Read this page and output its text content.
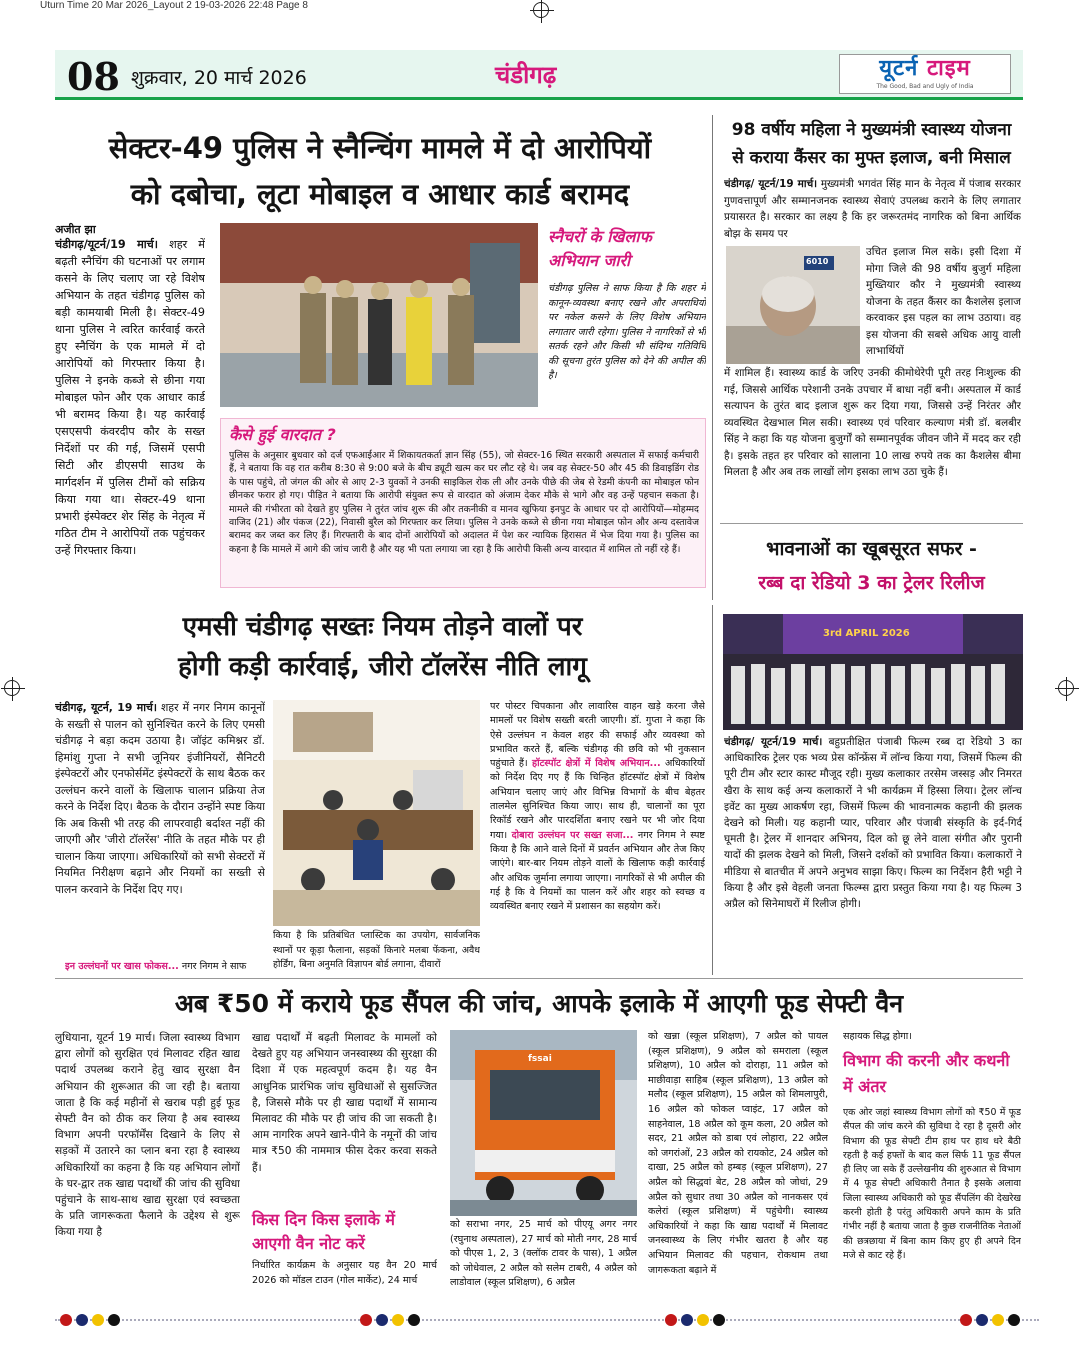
Uturn Time 20 Mar 2026_Layout 2 19-03-2026 22:48 Page 8
08 शुक्रवार, 20 मार्च 2026	चंडीगढ़	यूटर्न टाइम
The Good, Bad and Ugly of India
सेक्टर-49 पुलिस ने स्नैन्चिंग मामले में दो आरोपियों
को दबोचा, लूटा मोबाइल व आधार कार्ड बरामद
अजीत झा
चंडीगढ़/यूटर्न/19 मार्च। शहर में बढ़ती स्नैचिंग की घटनाओं पर लगाम कसने के लिए चलाए जा रहे विशेष अभियान के तहत चंडीगढ़ पुलिस को बड़ी कामयाबी मिली है। सेक्टर-49 थाना पुलिस ने त्वरित कार्रवाई करते हुए स्नैचिंग के एक मामले में दो आरोपियों को गिरफ्तार किया है। पुलिस ने इनके कब्जे से छीना गया मोबाइल फोन और एक आधार कार्ड भी बरामद किया है। यह कार्रवाई एसएसपी कंवरदीप कौर के सख्त निर्देशों पर की गई, जिसमें एसपी सिटी और डीएसपी साउथ के मार्गदर्शन में पुलिस टीमों को सक्रिय किया गया था। सेक्टर-49 थाना प्रभारी इंस्पेक्टर शेर सिंह के नेतृत्व में गठित टीम ने आरोपियों तक पहुंचकर उन्हें गिरफ्तार किया।
स्नैचरों के खिलाफ
अभियान जारी
चंडीगढ़ पुलिस ने साफ किया है कि शहर में कानून-व्यवस्था बनाए रखने और अपराधियों पर नकेल कसने के लिए विशेष अभियान लगातार जारी रहेगा। पुलिस ने नागरिकों से भी सतर्क रहने और किसी भी संदिग्ध गतिविधि की सूचना तुरंत पुलिस को देने की अपील की है।
कैसे हुई वारदात ?
पुलिस के अनुसार बुधवार को दर्ज एफआईआर में शिकायतकर्ता ज्ञान सिंह (55), जो सेक्टर-16 स्थित सरकारी अस्पताल में सफाई कर्मचारी हैं, ने बताया कि वह रात करीब 8:30 से 9:00 बजे के बीच ड्यूटी खत्म कर घर लौट रहे थे। जब वह सेक्टर-50 और 45 की डिवाइडिंग रोड के पास पहुंचे, तो जंगल की ओर से आए 2-3 युवकों ने उनकी साइकिल रोक ली और उनके पीछे की जेब से रेडमी कंपनी का मोबाइल फोन छीनकर फरार हो गए। पीड़ित ने बताया कि आरोपी संयुक्त रूप से वारदात को अंजाम देकर मौके से भागे और वह उन्हें पहचान सकता है। मामले की गंभीरता को देखते हुए पुलिस ने तुरंत जांच शुरू की और तकनीकी व मानव खुफिया इनपुट के आधार पर दो आरोपियों—मोहम्मद वाजिद (21) और पंकज (22), निवासी बुरैल को गिरफ्तार कर लिया। पुलिस ने उनके कब्जे से छीना गया मोबाइल फोन और अन्य दस्तावेज बरामद कर जब्त कर लिए हैं। गिरफ्तारी के बाद दोनों आरोपियों को अदालत में पेश कर न्यायिक हिरासत में भेज दिया गया है। पुलिस का कहना है कि मामले में आगे की जांच जारी है और यह भी पता लगाया जा रहा है कि आरोपी किसी अन्य वारदात में शामिल तो नहीं रहे हैं।
98 वर्षीय महिला ने मुख्यमंत्री स्वास्थ्य योजना
से कराया कैंसर का मुफ्त इलाज, बनी मिसाल
चंडीगढ़/ यूटर्न/19 मार्च। मुख्यमंत्री भगवंत सिंह मान के नेतृत्व में पंजाब सरकार गुणवत्तापूर्ण और सम्मानजनक स्वास्थ्य सेवाएं उपलब्ध कराने के लिए लगातार प्रयासरत है। सरकार का लक्ष्य है कि हर जरूरतमंद नागरिक को बिना आर्थिक बोझ के समय पर
6010
उचित इलाज मिल सके। इसी दिशा में मोगा जिले की 98 वर्षीय बुजुर्ग महिला मुख्तियार कौर ने मुख्यमंत्री स्वास्थ्य योजना के तहत कैंसर का कैशलेस इलाज करवाकर इस पहल का लाभ उठाया। वह इस योजना की सबसे अधिक आयु वाली लाभार्थियों
में शामिल हैं। स्वास्थ्य कार्ड के जरिए उनकी कीमोथेरेपी पूरी तरह निःशुल्क की गई, जिससे आर्थिक परेशानी उनके उपचार में बाधा नहीं बनी। अस्पताल में कार्ड सत्यापन के तुरंत बाद इलाज शुरू कर दिया गया, जिससे उन्हें निरंतर और व्यवस्थित देखभाल मिल सकी। स्वास्थ्य एवं परिवार कल्याण मंत्री डॉ. बलबीर सिंह ने कहा कि यह योजना बुजुर्गों को सम्मानपूर्वक जीवन जीने में मदद कर रही है। इसके तहत हर परिवार को सालाना 10 लाख रुपये तक का कैशलेस बीमा मिलता है और अब तक लाखों लोग इसका लाभ उठा चुके हैं।
भावनाओं का खूबसूरत सफर -
रब्ब दा रेडियो 3 का ट्रेलर रिलीज
3rd APRIL 2026
चंडीगढ़/ यूटर्न/19 मार्च। बहुप्रतीक्षित पंजाबी फिल्म रब्ब दा रेडियो 3 का आधिकारिक ट्रेलर एक भव्य प्रेस कॉन्फ्रेंस में लॉन्च किया गया, जिसमें फिल्म की पूरी टीम और स्टार कास्ट मौजूद रही। मुख्य कलाकार तरसेम जस्सड़ और निमरत खैरा के साथ कई अन्य कलाकारों ने भी कार्यक्रम में हिस्सा लिया। ट्रेलर लॉन्च इवेंट का मुख्य आकर्षण रहा, जिसमें फिल्म की भावनात्मक कहानी की झलक देखने को मिली। यह कहानी प्यार, परिवार और पंजाबी संस्कृति के इर्द-गिर्द घूमती है। ट्रेलर में शानदार अभिनय, दिल को छू लेने वाला संगीत और पुरानी यादों की झलक देखने को मिली, जिसने दर्शकों को प्रभावित किया। कलाकारों ने मीडिया से बातचीत में अपने अनुभव साझा किए। फिल्म का निर्देशन हैरी भट्टी ने किया है और इसे वेहली जनता फिल्म्स द्वारा प्रस्तुत किया गया है। यह फिल्म 3 अप्रैल को सिनेमाघरों में रिलीज होगी।
एमसी चंडीगढ़ सख्तः नियम तोड़ने वालों पर
होगी कड़ी कार्रवाई, जीरो टॉलरेंस नीति लागू
चंडीगढ़, यूटर्न, 19 मार्च। शहर में नगर निगम कानूनों के सख्ती से पालन को सुनिश्चित करने के लिए एमसी चंडीगढ़ ने बड़ा कदम उठाया है। जॉइंट कमिश्नर डॉ. हिमांशु गुप्ता ने सभी जूनियर इंजीनियरों, सैनिटरी इंस्पेक्टरों और एनफोर्समेंट इंस्पेक्टरों के साथ बैठक कर उल्लंघन करने वालों के खिलाफ चालान प्रक्रिया तेज करने के निर्देश दिए। बैठक के दौरान उन्होंने स्पष्ट किया कि अब किसी भी तरह की लापरवाही बर्दाश्त नहीं की जाएगी और 'जीरो टॉलरेंस' नीति के तहत मौके पर ही चालान किया जाएगा। अधिकारियों को सभी सेक्टरों में नियमित निरीक्षण बढ़ाने और नियमों का सख्ती से पालन करवाने के निर्देश दिए गए।
इन उल्लंघनों पर खास फोकस... नगर निगम ने साफ
किया है कि प्रतिबंधित प्लास्टिक का उपयोग, सार्वजनिक स्थानों पर कूड़ा फैलाना, सड़कों किनारे मलबा फेंकना, अवैध होर्डिंग, बिना अनुमति विज्ञापन बोर्ड लगाना, दीवारों
पर पोस्टर चिपकाना और लावारिस वाहन खड़े करना जैसे मामलों पर विशेष सख्ती बरती जाएगी। डॉ. गुप्ता ने कहा कि ऐसे उल्लंघन न केवल शहर की सफाई और व्यवस्था को प्रभावित करते हैं, बल्कि चंडीगढ़ की छवि को भी नुकसान पहुंचाते हैं। हॉटस्पॉट क्षेत्रों में विशेष अभियान... अधिकारियों को निर्देश दिए गए हैं कि चिन्हित हॉटस्पॉट क्षेत्रों में विशेष अभियान चलाए जाएं और विभिन्न विभागों के बीच बेहतर तालमेल सुनिश्चित किया जाए। साथ ही, चालानों का पूरा रिकॉर्ड रखने और पारदर्शिता बनाए रखने पर भी जोर दिया गया। दोबारा उल्लंघन पर सख्त सजा... नगर निगम ने स्पष्ट किया है कि आने वाले दिनों में प्रवर्तन अभियान और तेज किए जाएंगे। बार-बार नियम तोड़ने वालों के खिलाफ कड़ी कार्रवाई और अधिक जुर्माना लगाया जाएगा। नागरिकों से भी अपील की गई है कि वे नियमों का पालन करें और शहर को स्वच्छ व व्यवस्थित बनाए रखने में प्रशासन का सहयोग करें।
अब ₹50 में कराये फूड सैंपल की जांच, आपके इलाके में आएगी फूड सेफ्टी वैन
लुधियाना, यूटर्न 19 मार्च। जिला स्वास्थ्य विभाग द्वारा लोगों को सुरक्षित एवं मिलावट रहित खाद्य पदार्थ उपलब्ध कराने हेतु खाद सुरक्षा वैन अभियान की शुरूआत की जा रही है। बताया जाता है कि कई महीनों से खराब पड़ी हुई फूड सेफ्टी वैन को ठीक कर लिया है अब स्वास्थ्य विभाग अपनी परफॉर्मेंस दिखाने के लिए से सड़कों में उतारने का प्लान बना रहा है स्वास्थ्य अधिकारियों का कहना है कि यह अभियान लोगों के घर-द्वार तक खाद्य पदार्थों की जांच की सुविधा पहुंचाने के साथ-साथ खाद्य सुरक्षा एवं स्वच्छता के प्रति जागरूकता फैलाने के उद्देश्य से शुरू किया गया है
खाद्य पदार्थों में बढ़ती मिलावट के मामलों को देखते हुए यह अभियान जनस्वास्थ्य की सुरक्षा की दिशा में एक महत्वपूर्ण कदम है। यह वैन आधुनिक प्रारंभिक जांच सुविधाओं से सुसज्जित है, जिससे मौके पर ही खाद्य पदार्थों में सामान्य मिलावट की मौके पर ही जांच की जा सकती है। आम नागरिक अपने खाने-पीने के नमूनों की जांच मात्र ₹50 की नाममात्र फीस देकर करवा सकते हैं।
किस दिन किस इलाके में
आएगी वैन नोट करें
निर्धारित कार्यक्रम के अनुसार यह वैन 20 मार्च 2026 को मॉडल टाउन (गोल मार्केट), 24 मार्च
fssai
को सराभा नगर, 25 मार्च को पीएयू अगर नगर (रघुनाथ अस्पताल), 27 मार्च को मोती नगर, 28 मार्च को पीएस 1, 2, 3 (क्लॉक टावर के पास), 1 अप्रैल को जोधेवाल, 2 अप्रैल को सलेम टाबरी, 4 अप्रैल को लाडोवाल (स्कूल प्रशिक्षण), 6 अप्रैल
को खन्ना (स्कूल प्रशिक्षण), 7 अप्रैल को पायल (स्कूल प्रशिक्षण), 9 अप्रैल को समराला (स्कूल प्रशिक्षण), 10 अप्रैल को दोराहा, 11 अप्रैल को माछीवाड़ा साहिब (स्कूल प्रशिक्षण), 13 अप्रैल को मलौद (स्कूल प्रशिक्षण), 15 अप्रैल को शिमलापुरी, 16 अप्रैल को फोकल प्वाइंट, 17 अप्रैल को साहनेवाल, 18 अप्रैल को कूम कला, 20 अप्रैल को सदर, 21 अप्रैल को डाबा एवं लोहारा, 22 अप्रैल को जगरांओं, 23 अप्रैल को रायकोट, 24 अप्रैल को दाखा, 25 अप्रैल को हम्बड़ (स्कूल प्रशिक्षण), 27 अप्रैल को सिद्धवां बेट, 28 अप्रैल को जोधां, 29 अप्रैल को सुधार तथा 30 अप्रैल को नानकसर एवं कलेरां (स्कूल प्रशिक्षण) में पहुंचेगी। स्वास्थ्य अधिकारियों ने कहा कि खाद्य पदार्थों में मिलावट जनस्वास्थ्य के लिए गंभीर खतरा है और यह अभियान मिलावट की पहचान, रोकथाम तथा जागरूकता बढ़ाने में
सहायक सिद्ध होगा।
विभाग की करनी और कथनी
में अंतर
एक ओर जहां स्वास्थ्य विभाग लोगों को ₹50 में फूड सैंपल की जांच करने की सुविधा दे रहा है दूसरी ओर विभाग की फूड सेफ्टी टीम हाथ पर हाथ धरे बैठी रहती है कई हफ्तों के बाद कल सिर्फ 11 फूड सैंपल ही लिए जा सके हैं उल्लेखनीय की शुरुआत से विभाग में 4 फूड सेफ्टी अधिकारी तैनात है इसके अलावा जिला स्वास्थ्य अधिकारी को फूड सैंपलिंग की देखरेख करनी होती है परंतु अधिकारी अपने काम के प्रति गंभीर नहीं है बताया जाता है कुछ राजनीतिक नेताओं की छत्रछाया में बिना काम किए हुए ही अपने दिन मजे से काट रहे हैं।
